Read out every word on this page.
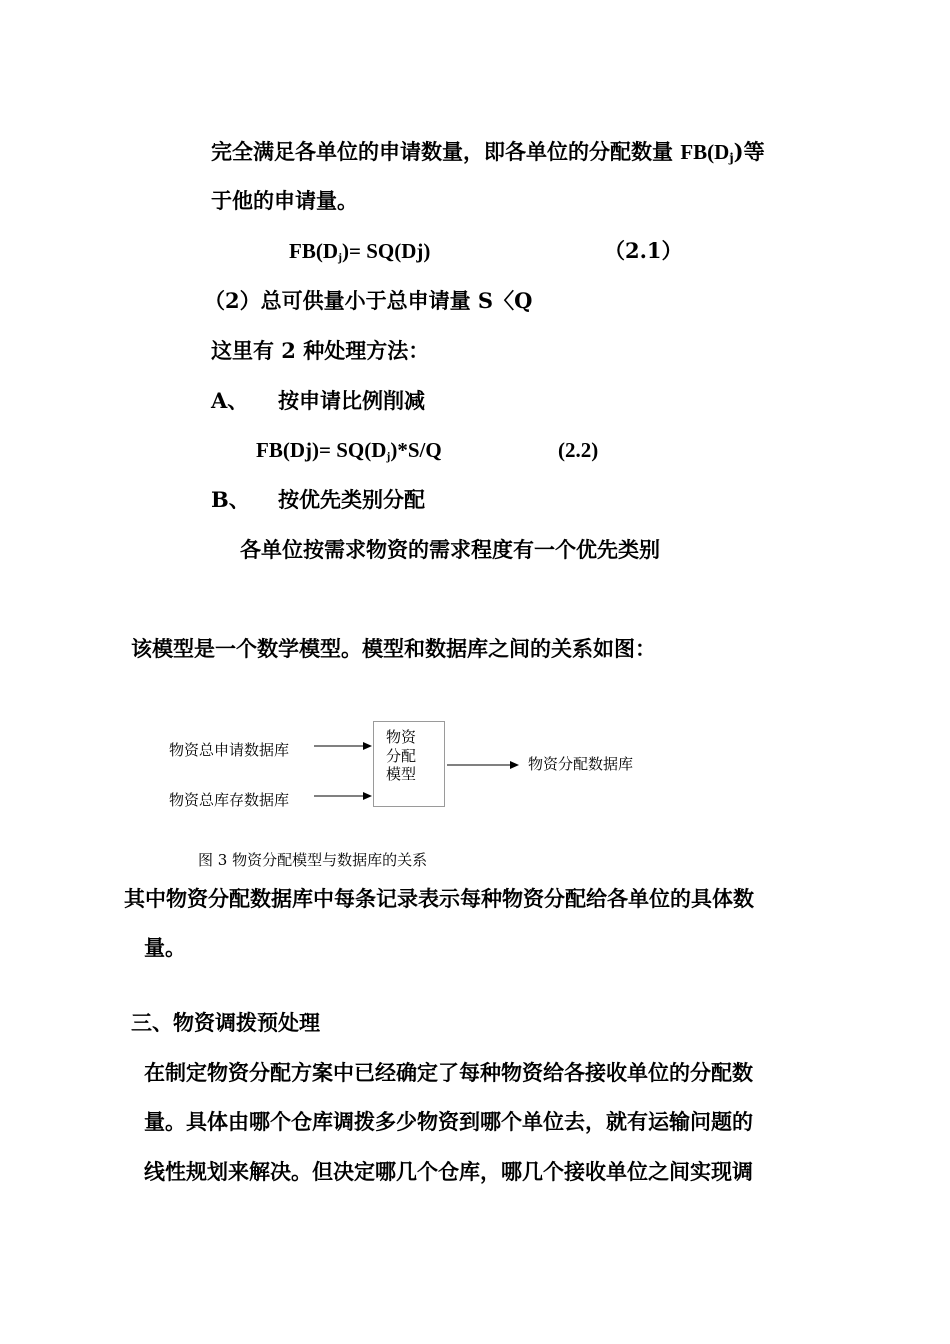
完全满足各单位的申请数量，即各单位的分配数量 $FB(D_j)$等
于他的申请量。
$FB(D_j)= SQ(Dj)$	（2.1）
（2）总可供量小于总申请量 S〈Q
这里有 2 种处理方法：
A、 按申请比例削减
$FB(Dj)= SQ(D_j)*S/Q$	(2.2)
B、 按优先类别分配
各单位按需求物资的需求程度有一个优先类别
该模型是一个数学模型。模型和数据库之间的关系如图：
物资总申请数据库
物资总库存数据库
物资
分配
模型
物资分配数据库
图 3 物资分配模型与数据库的关系
其中物资分配数据库中每条记录表示每种物资分配给各单位的具体数
量。
三、物资调拨预处理
在制定物资分配方案中已经确定了每种物资给各接收单位的分配数
量。具体由哪个仓库调拨多少物资到哪个单位去，就有运输问题的
线性规划来解决。但决定哪几个仓库，哪几个接收单位之间实现调
